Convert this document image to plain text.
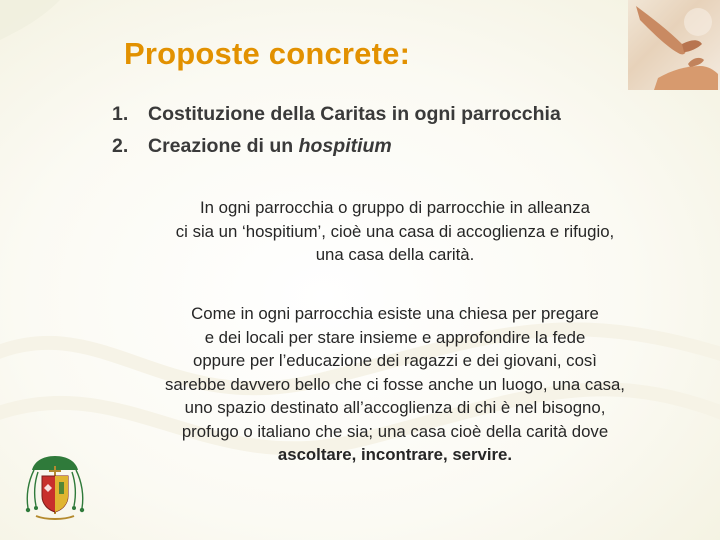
Proposte concrete:
1. Costituzione della Caritas in ogni parrocchia
2. Creazione di un hospitium
In ogni parrocchia o gruppo di parrocchie in alleanza
ci sia un ‘hospitium’, cioè una casa di accoglienza e rifugio,
una casa della carità.
Come in ogni parrocchia esiste una chiesa per pregare
e dei locali per stare insieme e approfondire la fede
oppure per l’educazione dei ragazzi e dei giovani, così
sarebbe davvero bello che ci fosse anche un luogo, una casa,
uno spazio destinato all’accoglienza di chi è nel bisogno,
profugo o italiano che sia; una casa cioè della carità dove
ascoltare, incontrare, servire.
